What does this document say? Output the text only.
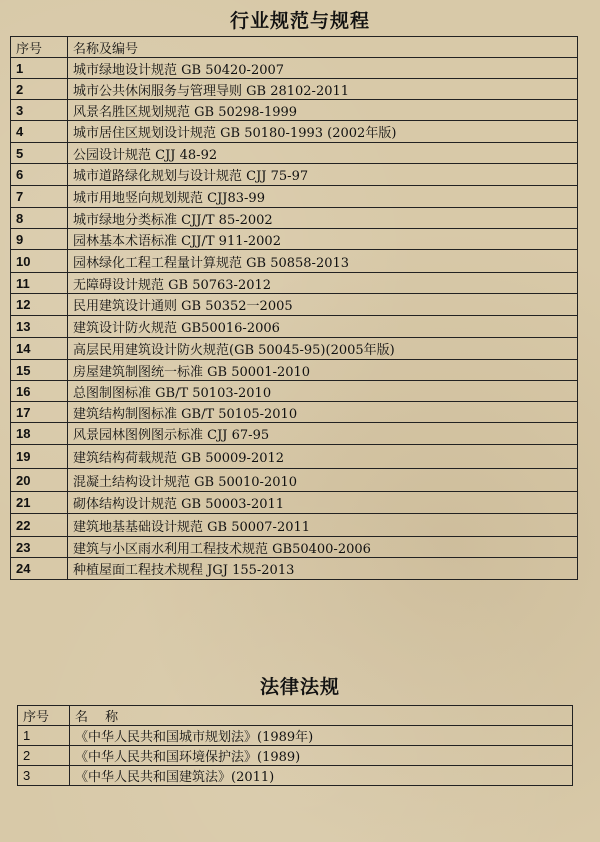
行业规范与规程
序号	名称及编号
1	城市绿地设计规范 GB 50420-2007
2	城市公共休闲服务与管理导则 GB 28102-2011
3	风景名胜区规划规范 GB 50298-1999
4	城市居住区规划设计规范 GB 50180-1993 (2002年版)
5	公园设计规范 CJJ 48-92
6	城市道路绿化规划与设计规范 CJJ 75-97
7	城市用地竖向规划规范 CJJ83-99
8	城市绿地分类标准 CJJ/T 85-2002
9	园林基本术语标准 CJJ/T 911-2002
10	园林绿化工程工程量计算规范 GB 50858-2013
11	无障碍设计规范 GB 50763-2012
12	民用建筑设计通则 GB 50352一2005
13	建筑设计防火规范 GB50016-2006
14	高层民用建筑设计防火规范(GB 50045-95)(2005年版)
15	房屋建筑制图统一标准 GB 50001-2010
16	总图制图标准 GB/T 50103-2010
17	建筑结构制图标准 GB/T 50105-2010
18	风景园林图例图示标准 CJJ 67-95
19	建筑结构荷载规范 GB 50009-2012
20	混凝土结构设计规范 GB 50010-2010
21	砌体结构设计规范 GB 50003-2011
22	建筑地基基础设计规范 GB 50007-2011
23	建筑与小区雨水利用工程技术规范 GB50400-2006
24	种植屋面工程技术规程 JGJ 155-2013
法律法规
序号	名　 称
1	《中华人民共和国城市规划法》(1989年)
2	《中华人民共和国环境保护法》(1989)
3	《中华人民共和国建筑法》(2011)
